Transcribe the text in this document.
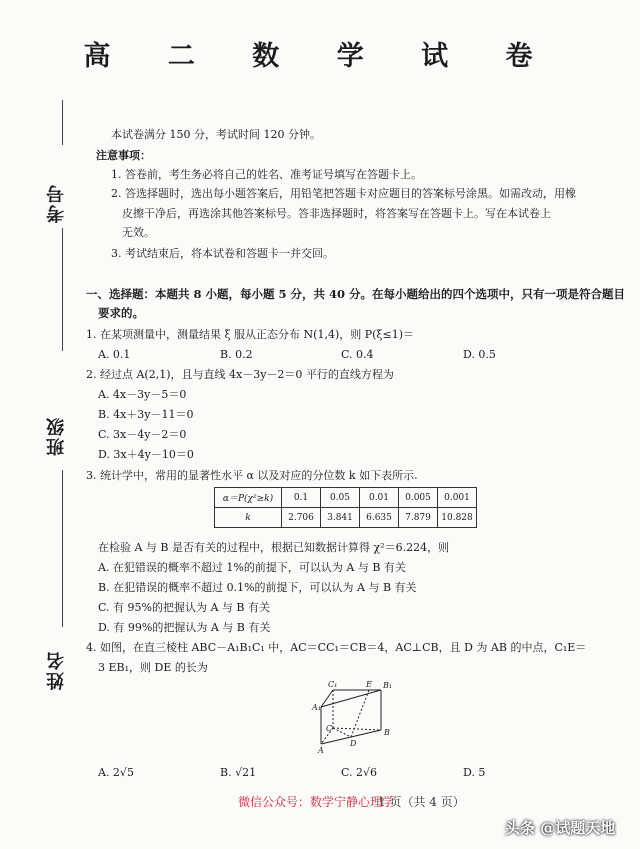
高 二 数 学 试 卷
本试卷满分 150 分，考试时间 120 分钟。
注意事项：
1. 答卷前，考生务必将自己的姓名、准考证号填写在答题卡上。
2. 答选择题时，选出每小题答案后，用铅笔把答题卡对应题目的答案标号涂黑。如需改动，用橡
皮擦干净后，再选涂其他答案标号。答非选择题时，将答案写在答题卡上。写在本试卷上
无效。
3. 考试结束后，将本试卷和答题卡一并交回。
考号
班级
姓名
一、选择题：本题共 8 小题，每小题 5 分，共 40 分。在每小题给出的四个选项中，只有一项是符合题目
要求的。
1. 在某项测量中，测量结果 ξ 服从正态分布 N(1,4)，则 P(ξ≤1)＝
A. 0.1	B. 0.2	C. 0.4	D. 0.5
2. 经过点 A(2,1)，且与直线 4x－3y－2＝0 平行的直线方程为
A. 4x－3y－5＝0
B. 4x＋3y－11＝0
C. 3x－4y－2＝0
D. 3x＋4y－10＝0
3. 统计学中，常用的显著性水平 α 以及对应的分位数 k 如下表所示.
α＝P(χ²≥k)	0.1	0.05	0.01	0.005	0.001
k	2.706	3.841	6.635	7.879	10.828
在检验 A 与 B 是否有关的过程中，根据已知数据计算得 χ²＝6.224，则
A. 在犯错误的概率不超过 1%的前提下，可以认为 A 与 B 有关
B. 在犯错误的概率不超过 0.1%的前提下，可以认为 A 与 B 有关
C. 有 95%的把握认为 A 与 B 有关
D. 有 99%的把握认为 A 与 B 有关
4. 如图，在直三棱柱 ABC－A₁B₁C₁ 中，AC＝CC₁＝CB＝4，AC⊥CB，且 D 为 AB 的中点，C₁E＝
3 EB₁，则 DE 的长为
C₁	E B₁
A₁
C	B
A
D
A. 2√5	B. √21	C. 2√6	D. 5
微信公众号：数学宁静心理学
1 页（共 4 页）
头条 @试题天地
